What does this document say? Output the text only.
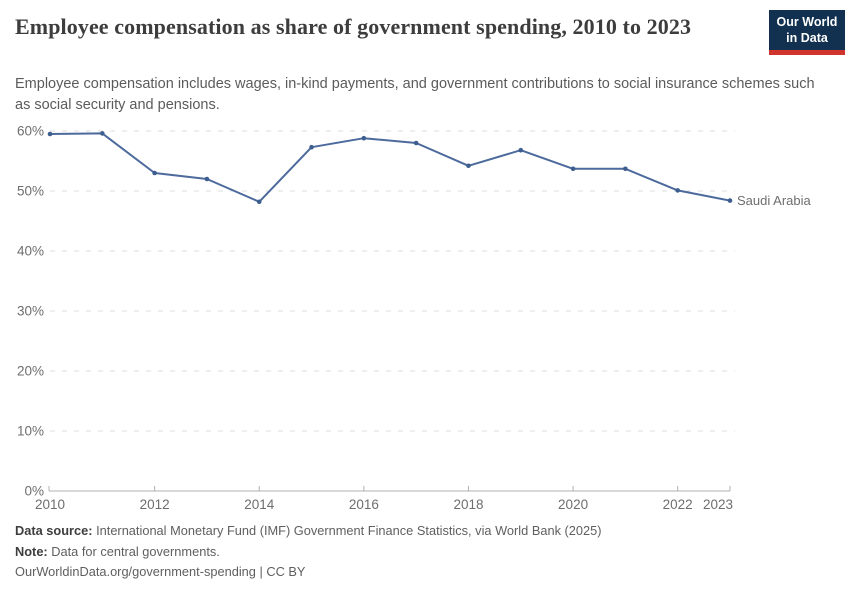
Employee compensation as share of government spending, 2010 to 2023	Our World
in Data

Employee compensation includes wages, in-kind payments, and government contributions to social insurance schemes such as social security and pensions.

0%
10%
20%
30%
40%
50%
60%
2010	2012	2014	2016	2018	2020	2022 2023
Saudi Arabia
Data source: International Monetary Fund (IMF) Government Finance Statistics, via World Bank (2025)
Note: Data for central governments.
OurWorldinData.org/government-spending | CC BY
